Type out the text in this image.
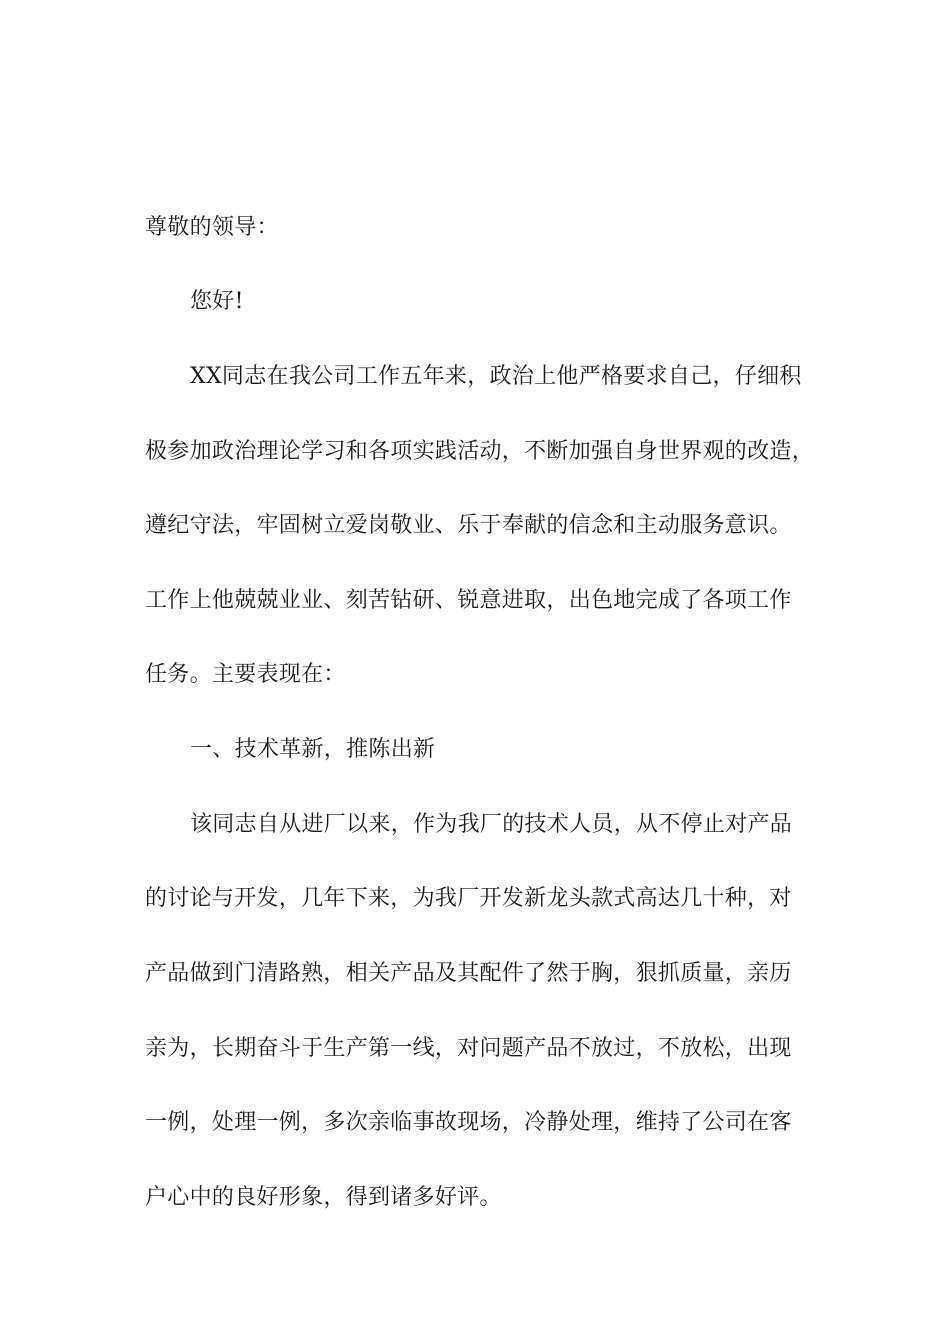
尊敬的领导：
您好!
XX同志在我公司工作五年来，政治上他严格要求自己，仔细积
极参加政治理论学习和各项实践活动，不断加强自身世界观的改造，
遵纪守法，牢固树立爱岗敬业、乐于奉献的信念和主动服务意识。
工作上他兢兢业业、刻苦钻研、锐意进取，出色地完成了各项工作
任务。主要表现在：
一、技术革新，推陈出新
该同志自从进厂以来，作为我厂的技术人员，从不停止对产品
的讨论与开发，几年下来，为我厂开发新龙头款式高达几十种，对
产品做到门清路熟，相关产品及其配件了然于胸，狠抓质量，亲历
亲为，长期奋斗于生产第一线，对问题产品不放过，不放松，出现
一例，处理一例，多次亲临事故现场，冷静处理，维持了公司在客
户心中的良好形象，得到诸多好评。
